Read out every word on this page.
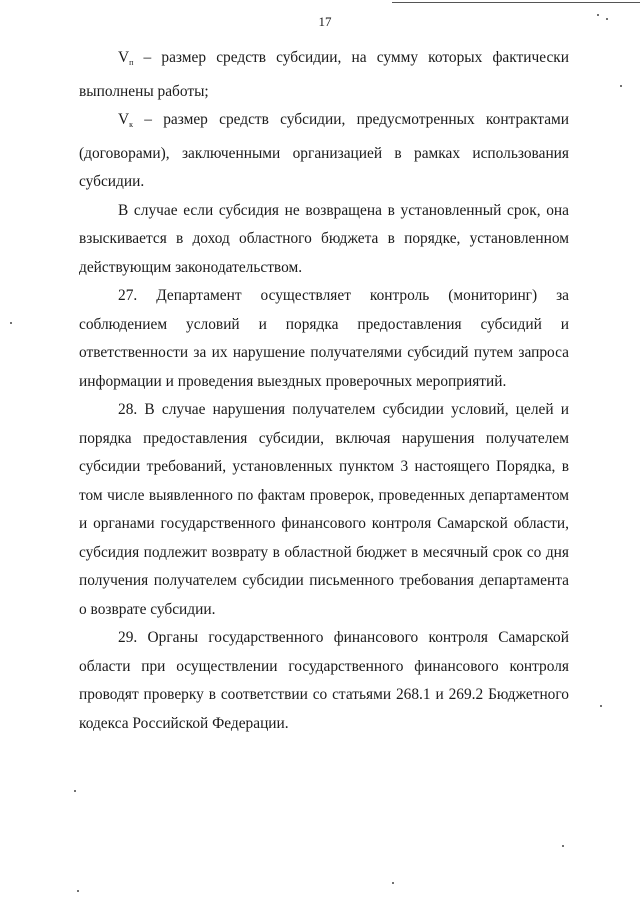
17

$V_п$ – размер средств субсидии, на сумму которых фактически выполнены работы;

$V_к$ – размер средств субсидии, предусмотренных контрактами (договорами), заключенными организацией в рамках использования субсидии.

В случае если субсидия не возвращена в установленный срок, она взыскивается в доход областного бюджета в порядке, установленном действующим законодательством.

27. Департамент осуществляет контроль (мониторинг) за соблюдением условий и порядка предоставления субсидий и ответственности за их нарушение получателями субсидий путем запроса информации и проведения выездных проверочных мероприятий.

28. В случае нарушения получателем субсидии условий, целей и порядка предоставления субсидии, включая нарушения получателем субсидии требований, установленных пунктом 3 настоящего Порядка, в том числе выявленного по фактам проверок, проведенных департаментом и органами государственного финансового контроля Самарской области, субсидия подлежит возврату в областной бюджет в месячный срок со дня получения получателем субсидии письменного требования департамента о возврате субсидии.

29. Органы государственного финансового контроля Самарской области при осуществлении государственного финансового контроля проводят проверку в соответствии со статьями 268.1 и 269.2 Бюджетного кодекса Российской Федерации.
